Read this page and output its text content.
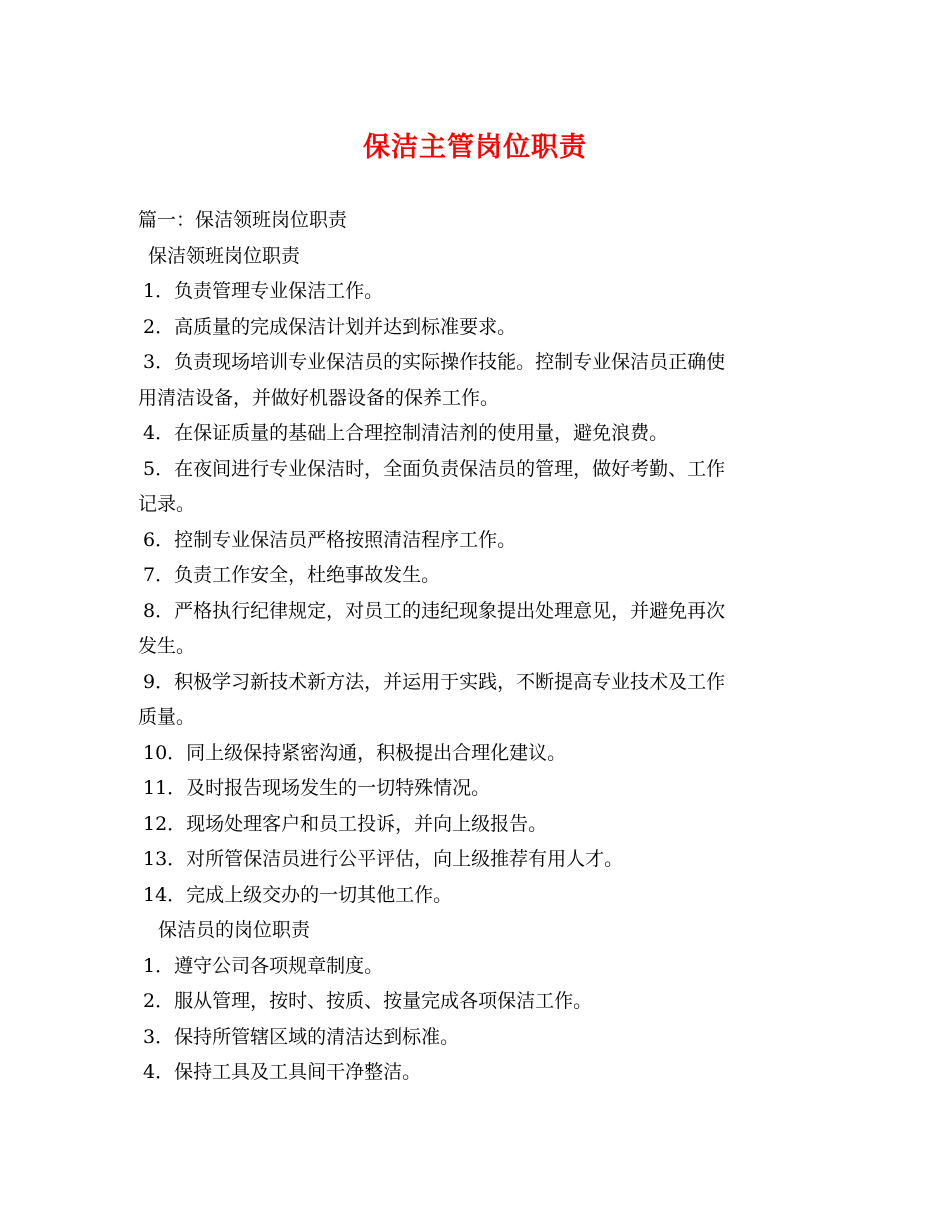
保洁主管岗位职责
篇一：保洁领班岗位职责
保洁领班岗位职责
1．负责管理专业保洁工作。
2．高质量的完成保洁计划并达到标准要求。
3．负责现场培训专业保洁员的实际操作技能。控制专业保洁员正确使
用清洁设备，并做好机器设备的保养工作。
4．在保证质量的基础上合理控制清洁剂的使用量，避免浪费。
5．在夜间进行专业保洁时，全面负责保洁员的管理，做好考勤、工作
记录。
6．控制专业保洁员严格按照清洁程序工作。
7．负责工作安全，杜绝事故发生。
8．严格执行纪律规定，对员工的违纪现象提出处理意见，并避免再次
发生。
9．积极学习新技术新方法，并运用于实践，不断提高专业技术及工作
质量。
10．同上级保持紧密沟通，积极提出合理化建议。
11．及时报告现场发生的一切特殊情况。
12．现场处理客户和员工投诉，并向上级报告。
13．对所管保洁员进行公平评估，向上级推荐有用人才。
14．完成上级交办的一切其他工作。
保洁员的岗位职责
1．遵守公司各项规章制度。
2．服从管理，按时、按质、按量完成各项保洁工作。
3．保持所管辖区域的清洁达到标准。
4．保持工具及工具间干净整洁。
